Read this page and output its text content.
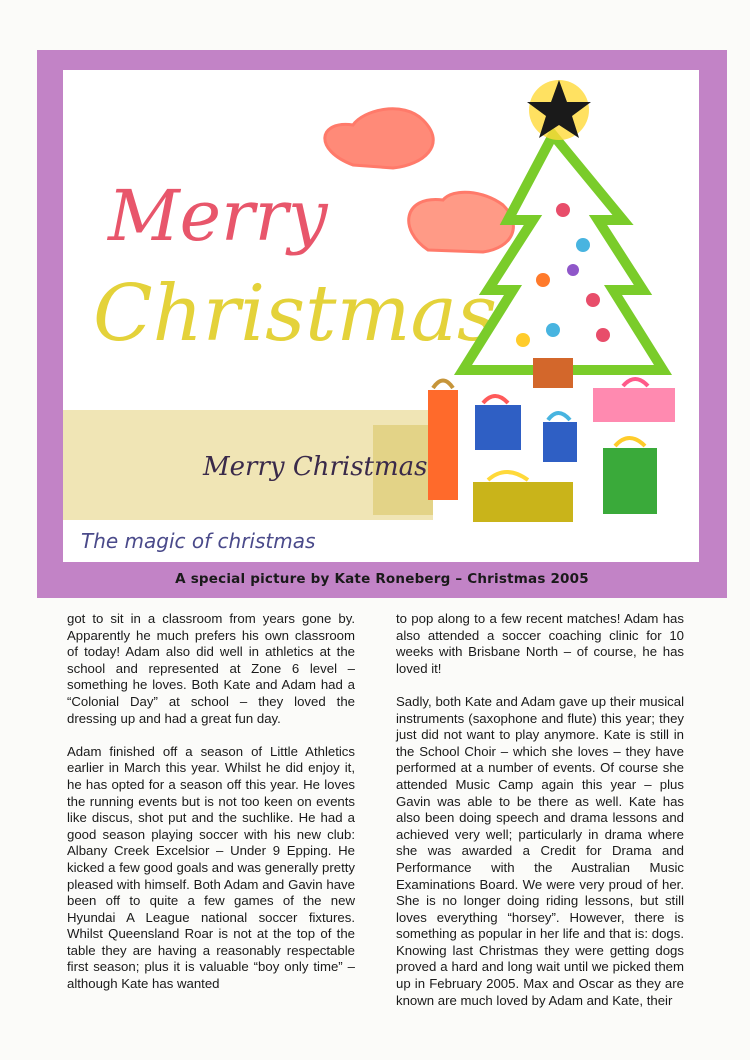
Merry
Christmas
Merry Christmas
The magic of christmas
A special picture by Kate Roneberg – Christmas 2005

got to sit in a classroom from years gone by. Apparently he much prefers his own classroom of today! Adam also did well in athletics at the school and represented at Zone 6 level – something he loves. Both Kate and Adam had a “Colonial Day” at school – they loved the dressing up and had a great fun day.

Adam finished off a season of Little Athletics earlier in March this year. Whilst he did enjoy it, he has opted for a season off this year. He loves the running events but is not too keen on events like discus, shot put and the suchlike. He had a good season playing soccer with his new club: Albany Creek Excelsior – Under 9 Epping. He kicked a few good goals and was generally pretty pleased with himself. Both Adam and Gavin have been off to quite a few games of the new Hyundai A League national soccer fixtures. Whilst Queensland Roar is not at the top of the table they are having a reasonably respectable first season; plus it is valuable “boy only time” – although Kate has wanted

to pop along to a few recent matches! Adam has also attended a soccer coaching clinic for 10 weeks with Brisbane North – of course, he has loved it!

Sadly, both Kate and Adam gave up their musical instruments (saxophone and flute) this year; they just did not want to play anymore. Kate is still in the School Choir – which she loves – they have performed at a number of events. Of course she attended Music Camp again this year – plus Gavin was able to be there as well. Kate has also been doing speech and drama lessons and achieved very well; particularly in drama where she was awarded a Credit for Drama and Performance with the Australian Music Examinations Board. We were very proud of her. She is no longer doing riding lessons, but still loves everything “horsey”. However, there is something as popular in her life and that is: dogs. Knowing last Christmas they were getting dogs proved a hard and long wait until we picked them up in February 2005. Max and Oscar as they are known are much loved by Adam and Kate, their
